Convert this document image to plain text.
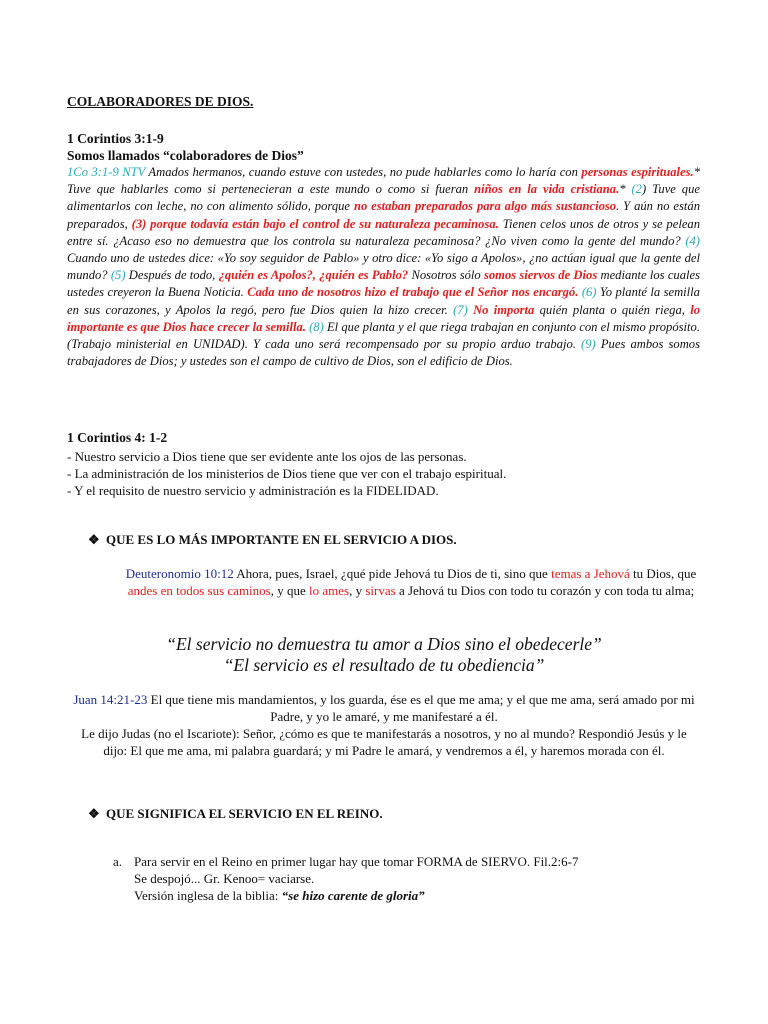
COLABORADORES DE DIOS.
1 Corintios 3:1-9
Somos llamados “colaboradores de Dios”
1Co 3:1-9 NTV Amados hermanos, cuando estuve con ustedes, no pude hablarles como lo haría con personas espirituales.* Tuve que hablarles como si pertenecieran a este mundo o como si fueran niños en la vida cristiana.* (2) Tuve que alimentarlos con leche, no con alimento sólido, porque no estaban preparados para algo más sustancioso. Y aún no están preparados, (3) porque todavía están bajo el control de su naturaleza pecaminosa. Tienen celos unos de otros y se pelean entre sí. ¿Acaso eso no demuestra que los controla su naturaleza pecaminosa? ¿No viven como la gente del mundo? (4) Cuando uno de ustedes dice: «Yo soy seguidor de Pablo» y otro dice: «Yo sigo a Apolos», ¿no actúan igual que la gente del mundo? (5) Después de todo, ¿quién es Apolos?, ¿quién es Pablo? Nosotros sólo somos siervos de Dios mediante los cuales ustedes creyeron la Buena Noticia. Cada uno de nosotros hizo el trabajo que el Señor nos encargó. (6) Yo planté la semilla en sus corazones, y Apolos la regó, pero fue Dios quien la hizo crecer. (7) No importa quién planta o quién riega, lo importante es que Dios hace crecer la semilla. (8) El que planta y el que riega trabajan en conjunto con el mismo propósito. (Trabajo ministerial en UNIDAD). Y cada uno será recompensado por su propio arduo trabajo. (9) Pues ambos somos trabajadores de Dios; y ustedes son el campo de cultivo de Dios, son el edificio de Dios.
1 Corintios 4: 1-2
- Nuestro servicio a Dios tiene que ser evidente ante los ojos de las personas.
- La administración de los ministerios de Dios tiene que ver con el trabajo espiritual.
- Y el requisito de nuestro servicio y administración es la FIDELIDAD.
❖ QUE ES LO MÁS IMPORTANTE EN EL SERVICIO A DIOS.
Deuteronomio 10:12 Ahora, pues, Israel, ¿qué pide Jehová tu Dios de ti, sino que temas a Jehová tu Dios, que andes en todos sus caminos, y que lo ames, y sirvas a Jehová tu Dios con todo tu corazón y con toda tu alma;
“El servicio no demuestra tu amor a Dios sino el obedecerle”
“El servicio es el resultado de tu obediencia”
Juan 14:21-23 El que tiene mis mandamientos, y los guarda, ése es el que me ama; y el que me ama, será amado por mi Padre, y yo le amaré, y me manifestaré a él.
Le dijo Judas (no el Iscariote): Señor, ¿cómo es que te manifestarás a nosotros, y no al mundo? Respondió Jesús y le dijo: El que me ama, mi palabra guardará; y mi Padre le amará, y vendremos a él, y haremos morada con él.
❖ QUE SIGNIFICA EL SERVICIO EN EL REINO.
a. Para servir en el Reino en primer lugar hay que tomar FORMA de SIERVO. Fil.2:6-7
Se despojó... Gr. Kenoo= vaciarse.
Versión inglesa de la biblia: “se hizo carente de gloria”
